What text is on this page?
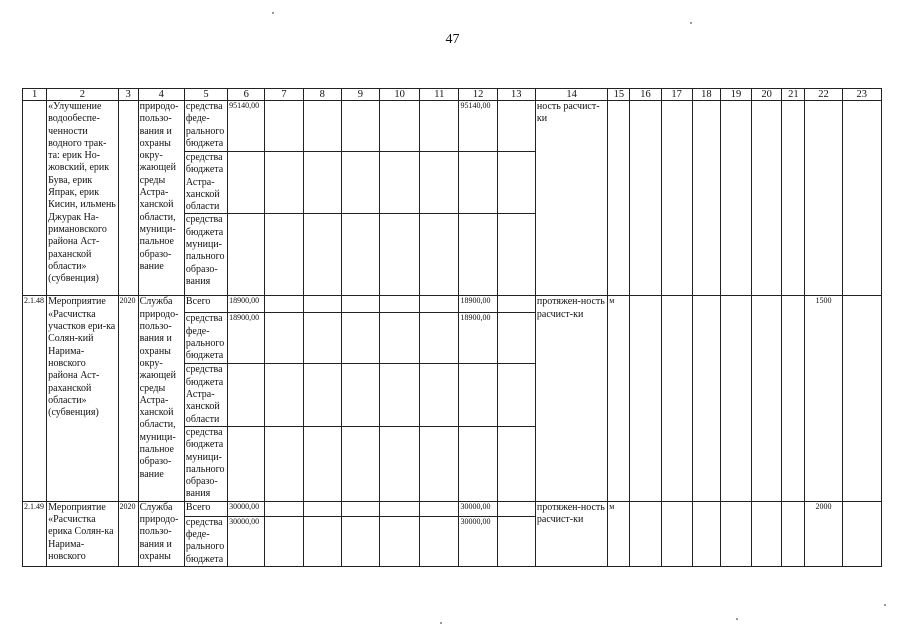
47
1	2	3	4	5	6	7	8	9	10	11	12	13	14	15	16	17	18	19	20	21	22	23
	«Улучшение водообеспе-ченности водного трак-та: ерик Но-жовский, ерик Бува, ерик Япрак, ерик Кисин, ильмень Джурак На-римановского района Аст-раханской области» (субвенция)		природо-пользо-вания и охраны окру-жающей среды Астра-ханской области, муници-пальное образо-вание	средства феде-рального бюджета	95140,00						95140,00		ность расчист-ки									
				средства бюджета Астра-ханской области																		
				средства бюджета муници-пального образо-вания																		
2.1.48	Мероприятие «Расчистка участков ери-ка Солян-кий Нарима-новского района Аст-раханской области» (субвенция)	2020	Служба природо-пользо-вания и охраны окру-жающей среды Астра-ханской области, муници-пальное образо-вание	Всего	18900,00						18900,00		протяжен-ность расчист-ки	м							1500	
				средства феде-рального бюджета	18900,00						18900,00											
				средства бюджета Астра-ханской области																		
				средства бюджета муници-пального образо-вания																		
2.1.49	Мероприятие «Расчистка ерика Солян-ка Нарима-новского	2020	Служба природо-пользо-вания и охраны	Всего	30000,00						30000,00		протяжен-ность расчист-ки	м							2000	
				средства феде-рального бюджета	30000,00						30000,00											
